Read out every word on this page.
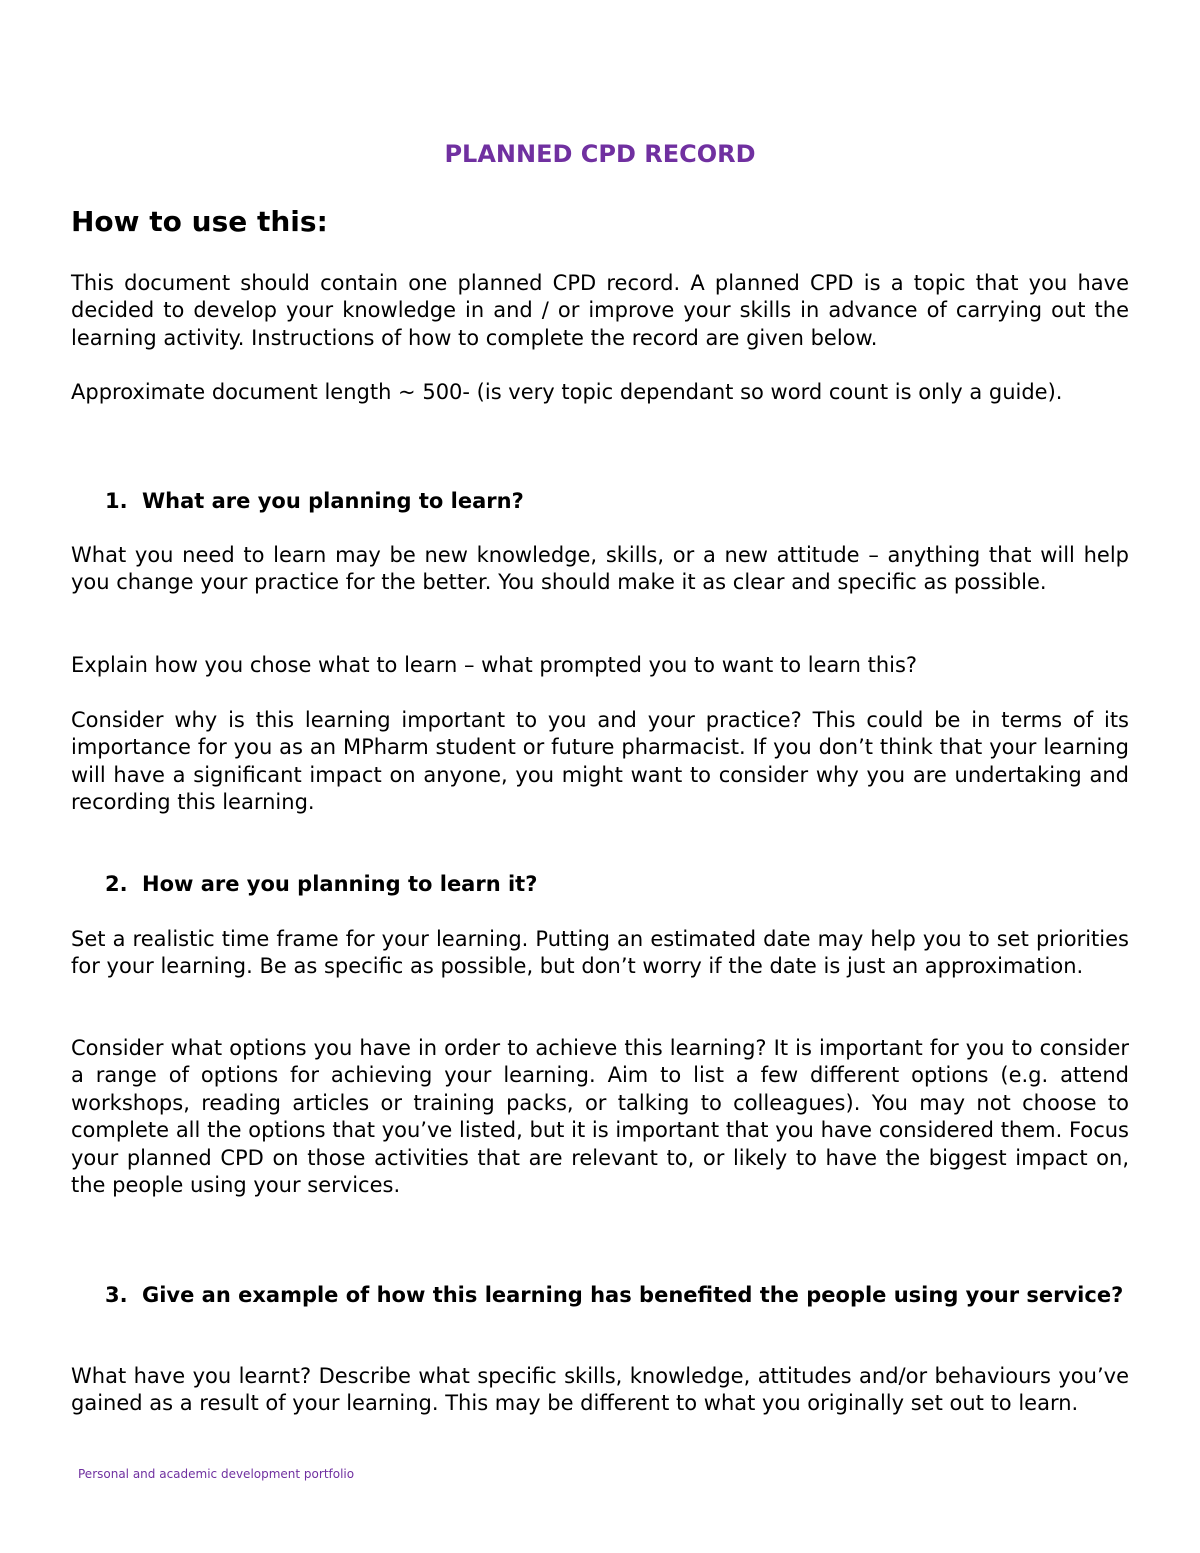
PLANNED CPD RECORD
How to use this:

This document should contain one planned CPD record. A planned CPD is a topic that you have decided to develop your knowledge in and / or improve your skills in advance of carrying out the learning activity. Instructions of how to complete the record are given below.

Approximate document length ~ 500- (is very topic dependant so word count is only a guide).

1. What are you planning to learn?

What you need to learn may be new knowledge, skills, or a new attitude – anything that will help you change your practice for the better. You should make it as clear and specific as possible.

Explain how you chose what to learn – what prompted you to want to learn this?

Consider why is this learning important to you and your practice? This could be in terms of its importance for you as an MPharm student or future pharmacist. If you don’t think that your learning will have a significant impact on anyone, you might want to consider why you are undertaking and recording this learning.

2. How are you planning to learn it?

Set a realistic time frame for your learning. Putting an estimated date may help you to set priorities for your learning. Be as specific as possible, but don’t worry if the date is just an approximation.

Consider what options you have in order to achieve this learning? It is important for you to consider a range of options for achieving your learning. Aim to list a few different options (e.g. attend workshops, reading articles or training packs, or talking to colleagues). You may not choose to complete all the options that you’ve listed, but it is important that you have considered them. Focus your planned CPD on those activities that are relevant to, or likely to have the biggest impact on, the people using your services.

3. Give an example of how this learning has benefited the people using your service?

What have you learnt? Describe what specific skills, knowledge, attitudes and/or behaviours you’ve gained as a result of your learning. This may be different to what you originally set out to learn.

Personal and academic development portfolio
